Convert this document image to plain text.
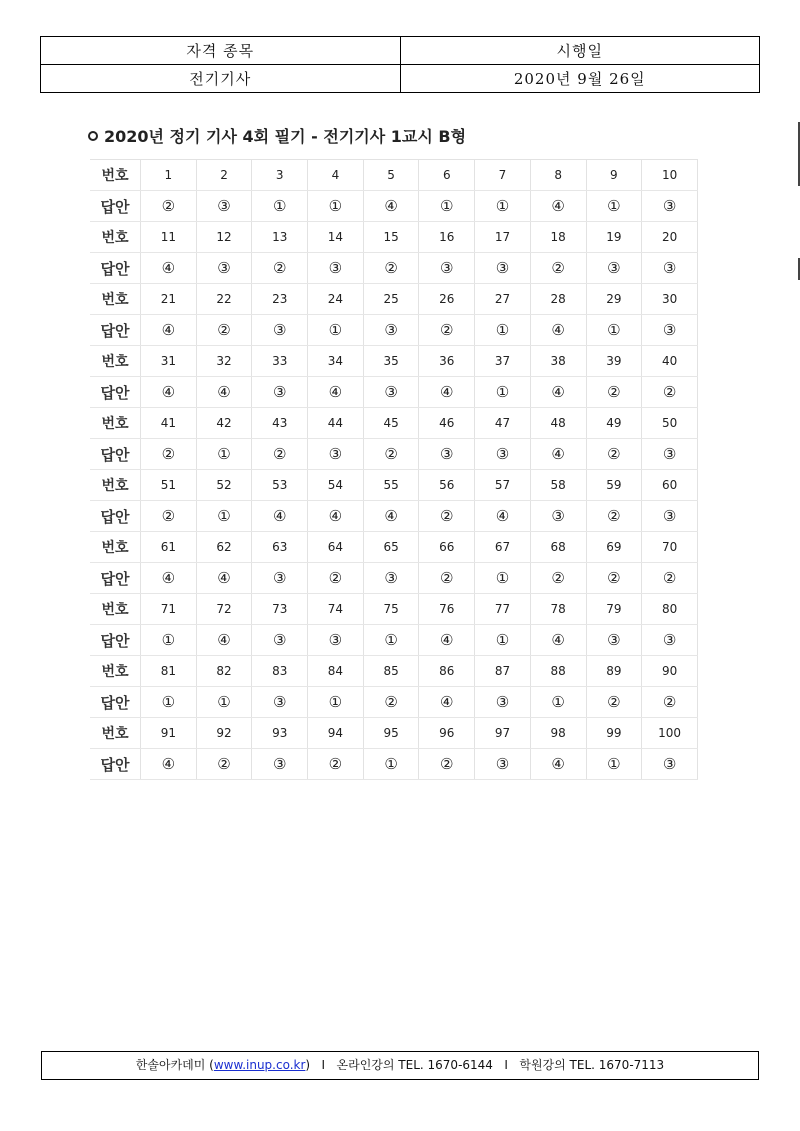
자격 종목	시행일
전기기사	2020년 9월 26일
2020년 정기 기사 4회 필기 - 전기기사 1교시 B형
번호	1	2	3	4	5	6	7	8	9	10
답안	②	③	①	①	④	①	①	④	①	③
번호	11	12	13	14	15	16	17	18	19	20
답안	④	③	②	③	②	③	③	②	③	③
번호	21	22	23	24	25	26	27	28	29	30
답안	④	②	③	①	③	②	①	④	①	③
번호	31	32	33	34	35	36	37	38	39	40
답안	④	④	③	④	③	④	①	④	②	②
번호	41	42	43	44	45	46	47	48	49	50
답안	②	①	②	③	②	③	③	④	②	③
번호	51	52	53	54	55	56	57	58	59	60
답안	②	①	④	④	④	②	④	③	②	③
번호	61	62	63	64	65	66	67	68	69	70
답안	④	④	③	②	③	②	①	②	②	②
번호	71	72	73	74	75	76	77	78	79	80
답안	①	④	③	③	①	④	①	④	③	③
번호	81	82	83	84	85	86	87	88	89	90
답안	①	①	③	①	②	④	③	①	②	②
번호	91	92	93	94	95	96	97	98	99	100
답안	④	②	③	②	①	②	③	④	①	③
한솔아카데미 (www.inup.co.kr)   I   온라인강의 TEL. 1670-6144   I   학원강의 TEL. 1670-7113
